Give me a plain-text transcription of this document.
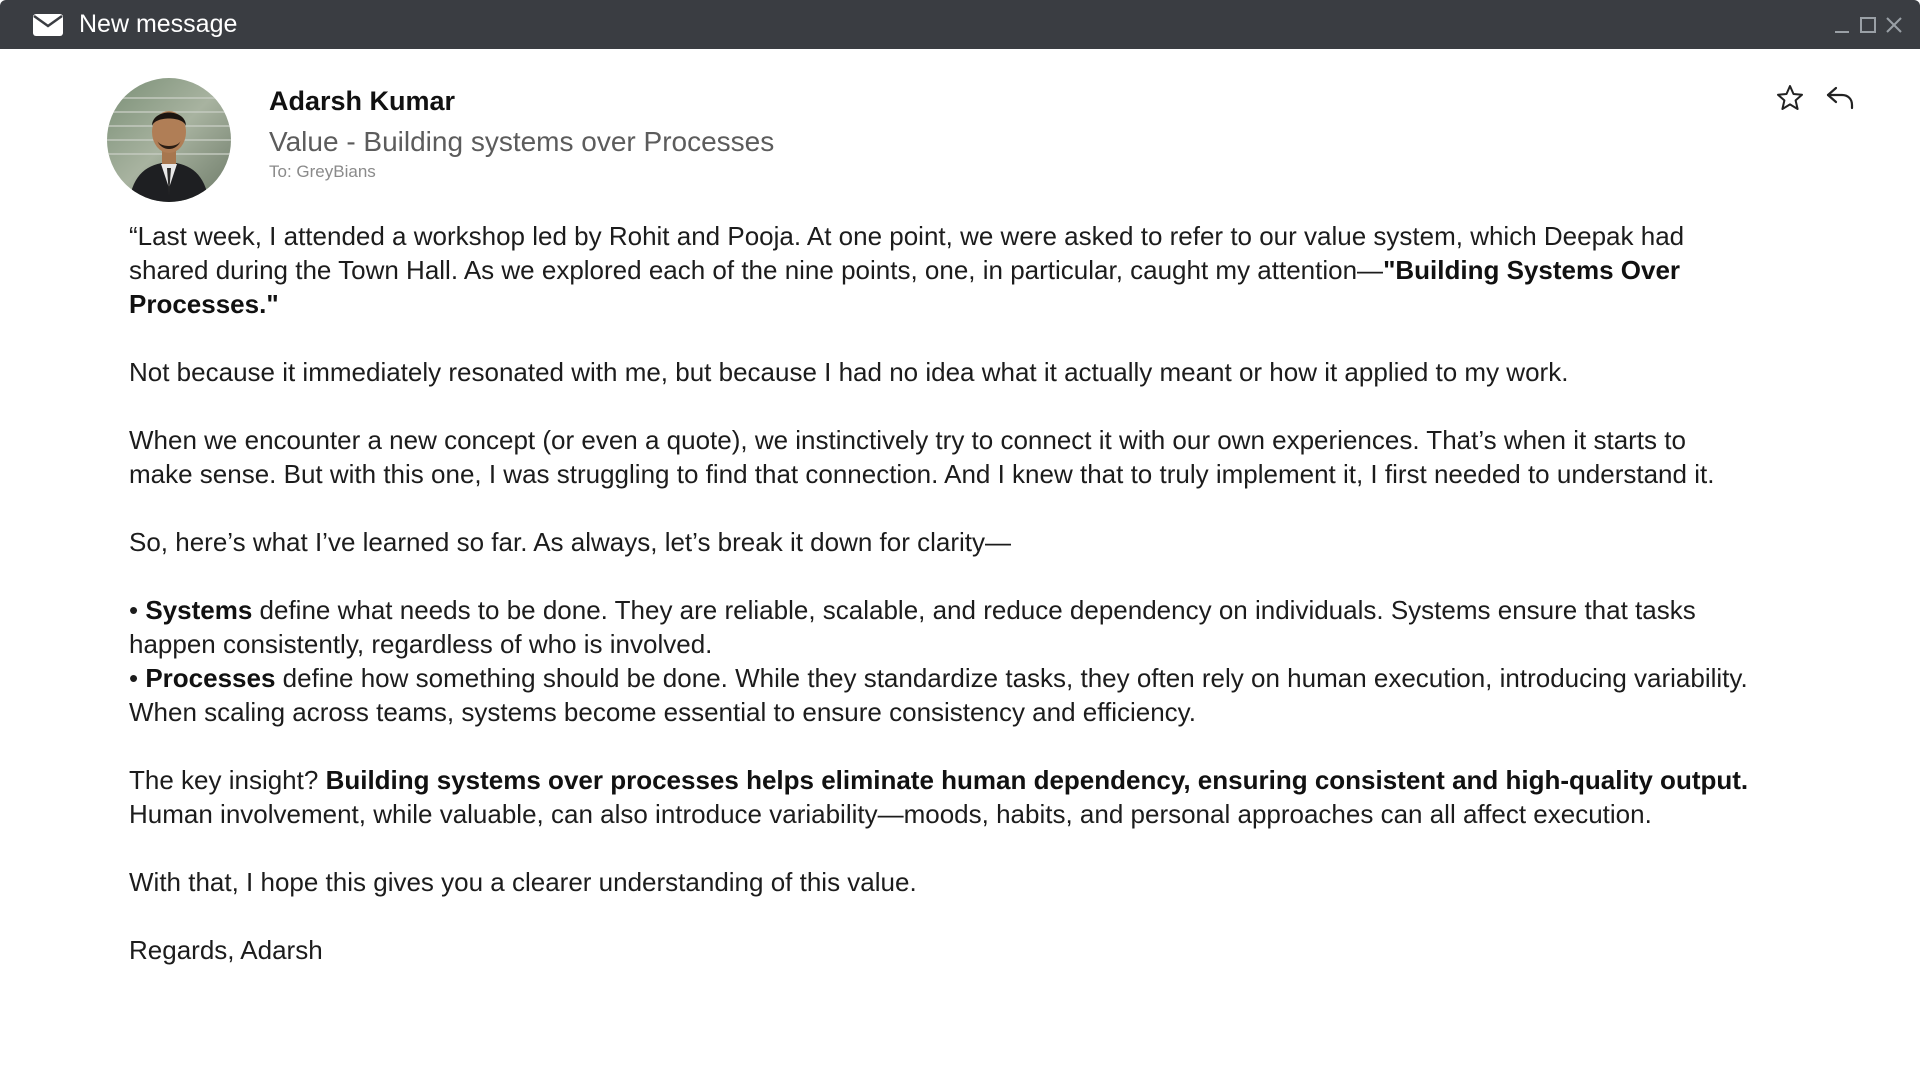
New message
Adarsh Kumar
Value - Building systems over Processes
To: GreyBians

“Last week, I attended a workshop led by Rohit and Pooja. At one point, we were asked to refer to our value system, which Deepak had shared during the Town Hall. As we explored each of the nine points, one, in particular, caught my attention—"Building Systems Over Processes."

Not because it immediately resonated with me, but because I had no idea what it actually meant or how it applied to my work.

When we encounter a new concept (or even a quote), we instinctively try to connect it with our own experiences. That’s when it starts to make sense. But with this one, I was struggling to find that connection. And I knew that to truly implement it, I first needed to understand it.

So, here’s what I’ve learned so far. As always, let’s break it down for clarity—

• Systems define what needs to be done. They are reliable, scalable, and reduce dependency on individuals. Systems ensure that tasks happen consistently, regardless of who is involved.

• Processes define how something should be done. While they standardize tasks, they often rely on human execution, introducing variability. When scaling across teams, systems become essential to ensure consistency and efficiency.

The key insight? Building systems over processes helps eliminate human dependency, ensuring consistent and high-quality output. Human involvement, while valuable, can also introduce variability—moods, habits, and personal approaches can all affect execution.

With that, I hope this gives you a clearer understanding of this value.

Regards, Adarsh
